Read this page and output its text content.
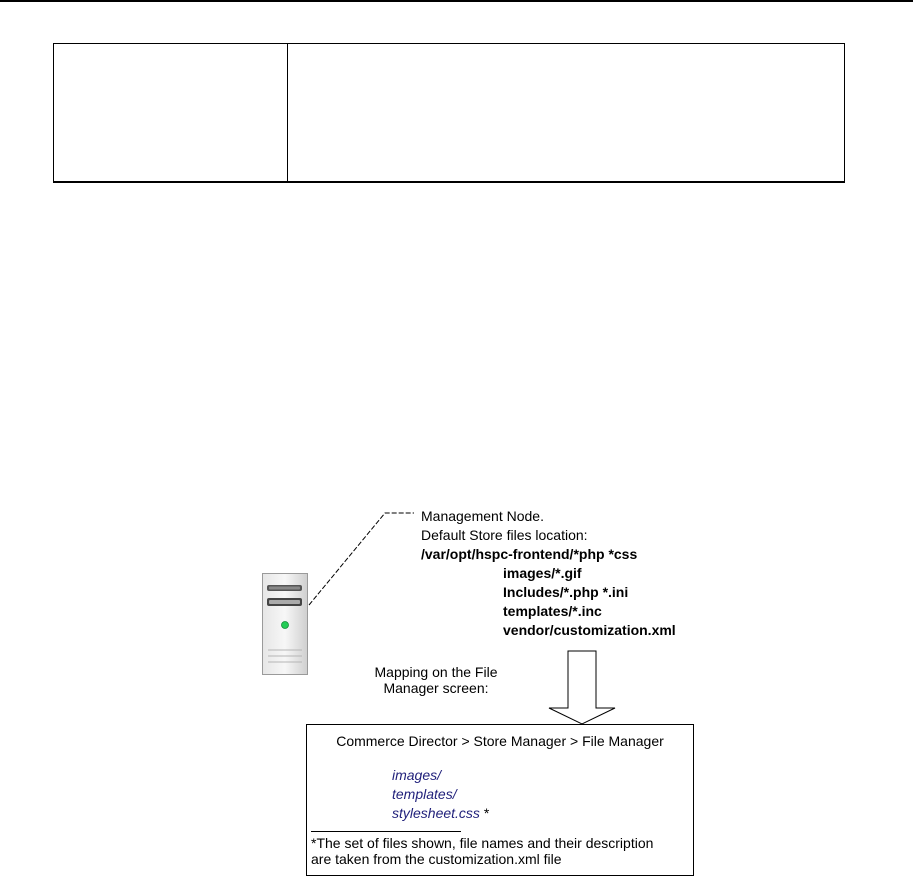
Management Node.
Default Store files location:
/var/opt/hspc-frontend/*php *css
images/*.gif
Includes/*.php *.ini
templates/*.inc
vendor/customization.xml
Mapping on the File
Manager screen:
Commerce Director > Store Manager > File Manager
images/
templates/
stylesheet.css *
*The set of files shown, file names and their description
are taken from the customization.xml file
